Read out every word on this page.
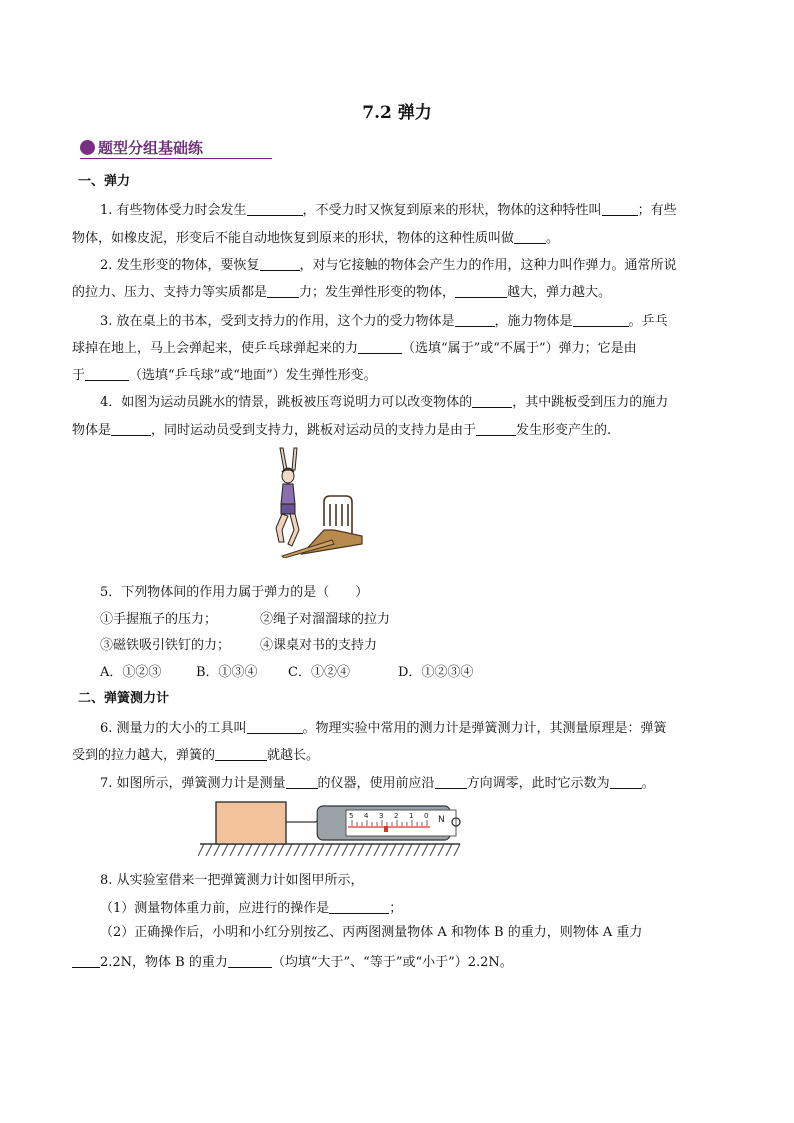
7.2 弹力
题型分组基础练
一、弹力
1. 有些物体受力时会发生	，不受力时又恢复到原来的形状，物体的这种特性叫	；有些
物体，如橡皮泥，形变后不能自动地恢复到原来的形状，物体的这种性质叫做 。
2. 发生形变的物体，要恢复	，对与它接触的物体会产生力的作用，这种力叫作弹力。通常所说
的拉力、压力、支持力等实质都是 力；发生弹性形变的物体，	越大，弹力越大。
3. 放在桌上的书本，受到支持力的作用，这个力的受力物体是	，施力物体是	。乒乓
球掉在地上，马上会弹起来，使乒乓球弹起来的力	（选填“属于”或“不属于”）弹力；它是由
于	（选填“乒乓球”或“地面”）发生弹性形变。
4．如图为运动员跳水的情景，跳板被压弯说明力可以改变物体的	，其中跳板受到压力的施力
物体是	，同时运动员受到支持力，跳板对运动员的支持力是由于	发生形变产生的.
5．下列物体间的作用力属于弹力的是（　　）
①手握瓶子的压力；	②绳子对溜溜球的拉力
③磁铁吸引铁钉的力； ④课桌对书的支持力
A．①②③	B．①③④ C．①②④	D．①②③④
二、弹簧测力计
6. 测量力的大小的工具叫	。物理实验中常用的测力计是弹簧测力计，其测量原理是：弹簧
受到的拉力越大，弹簧的	就越长。
7. 如图所示，弹簧测力计是测量 的仪器，使用前应沿 方向调零，此时它示数为 。
5 4 3 2 1 0 N
8. 从实验室借来一把弹簧测力计如图甲所示，
（1）测量物体重力前，应进行的操作是	；
（2）正确操作后，小明和小红分别按乙、丙两图测量物体 A 和物体 B 的重力，则物体 A 重力
2.2N，物体 B 的重力	（均填“大于”、“等于”或“小于”）2.2N。
